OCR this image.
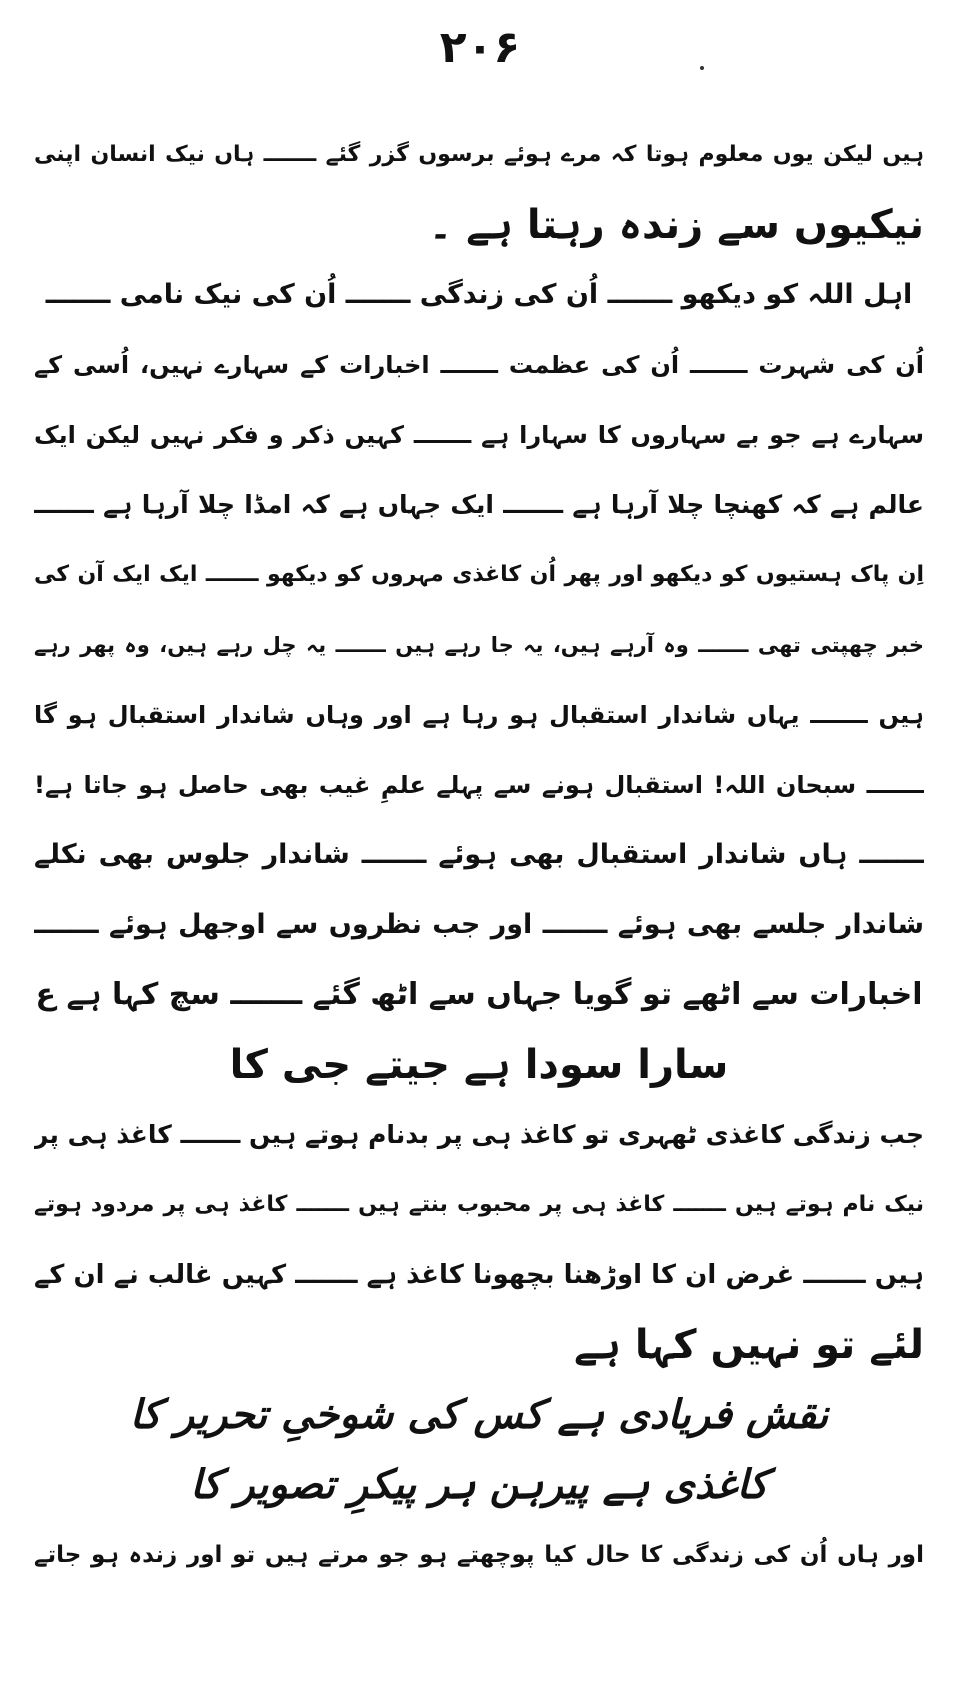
۲۰۶
ہیں لیکن یوں معلوم ہوتا کہ مرے ہوئے برسوں گزر گئے ـــــــ ہاں نیک انسان اپنی
نیکیوں سے زندہ رہتا ہے ۔
اہل اللہ کو دیکھو ـــــــ اُن کی زندگی ـــــــ اُن کی نیک نامی ـــــــ
اُن کی شہرت ـــــــ اُن کی عظمت ـــــــ اخبارات کے سہارے نہیں، اُسی کے
سہارے ہے جو بے سہاروں کا سہارا ہے ـــــــ کہیں ذکر و فکر نہیں لیکن ایک
عالم ہے کہ کھنچا چلا آرہا ہے ـــــــ ایک جہاں ہے کہ امڈا چلا آرہا ہے ـــــــ
اِن پاک ہستیوں کو دیکھو اور پھر اُن کاغذی مہروں کو دیکھو ـــــــ ایک ایک آن کی
خبر چھپتی تھی ـــــــ وہ آرہے ہیں، یہ جا رہے ہیں ـــــــ یہ چل رہے ہیں، وہ پھر رہے
ہیں ـــــــ یہاں شاندار استقبال ہو رہا ہے اور وہاں شاندار استقبال ہو گا
ـــــــ سبحان اللہ! استقبال ہونے سے پہلے علمِ غیب بھی حاصل ہو جاتا ہے!
ـــــــ ہاں شاندار استقبال بھی ہوئے ـــــــ شاندار جلوس بھی نکلے
شاندار جلسے بھی ہوئے ـــــــ اور جب نظروں سے اوجھل ہوئے ـــــــ
اخبارات سے اٹھے تو گویا جہاں سے اٹھ گئے ـــــــ سچ کہا ہے ع
سارا سودا ہے جیتے جی کا
جب زندگی کاغذی ٹھہری تو کاغذ ہی پر بدنام ہوتے ہیں ـــــــ کاغذ ہی پر
نیک نام ہوتے ہیں ـــــــ کاغذ ہی پر محبوب بنتے ہیں ـــــــ کاغذ ہی پر مردود ہوتے
ہیں ـــــــ غرض ان کا اوڑھنا بچھونا کاغذ ہے ـــــــ کہیں غالب نے ان کے
لئے تو نہیں کہا ہے
نقش فریادی ہے کس کی شوخیِ تحریر کا
کاغذی ہے پیرہن ہر پیکرِ تصویر کا
اور ہاں اُن کی زندگی کا حال کیا پوچھتے ہو جو مرتے ہیں تو اور زندہ ہو جاتے
